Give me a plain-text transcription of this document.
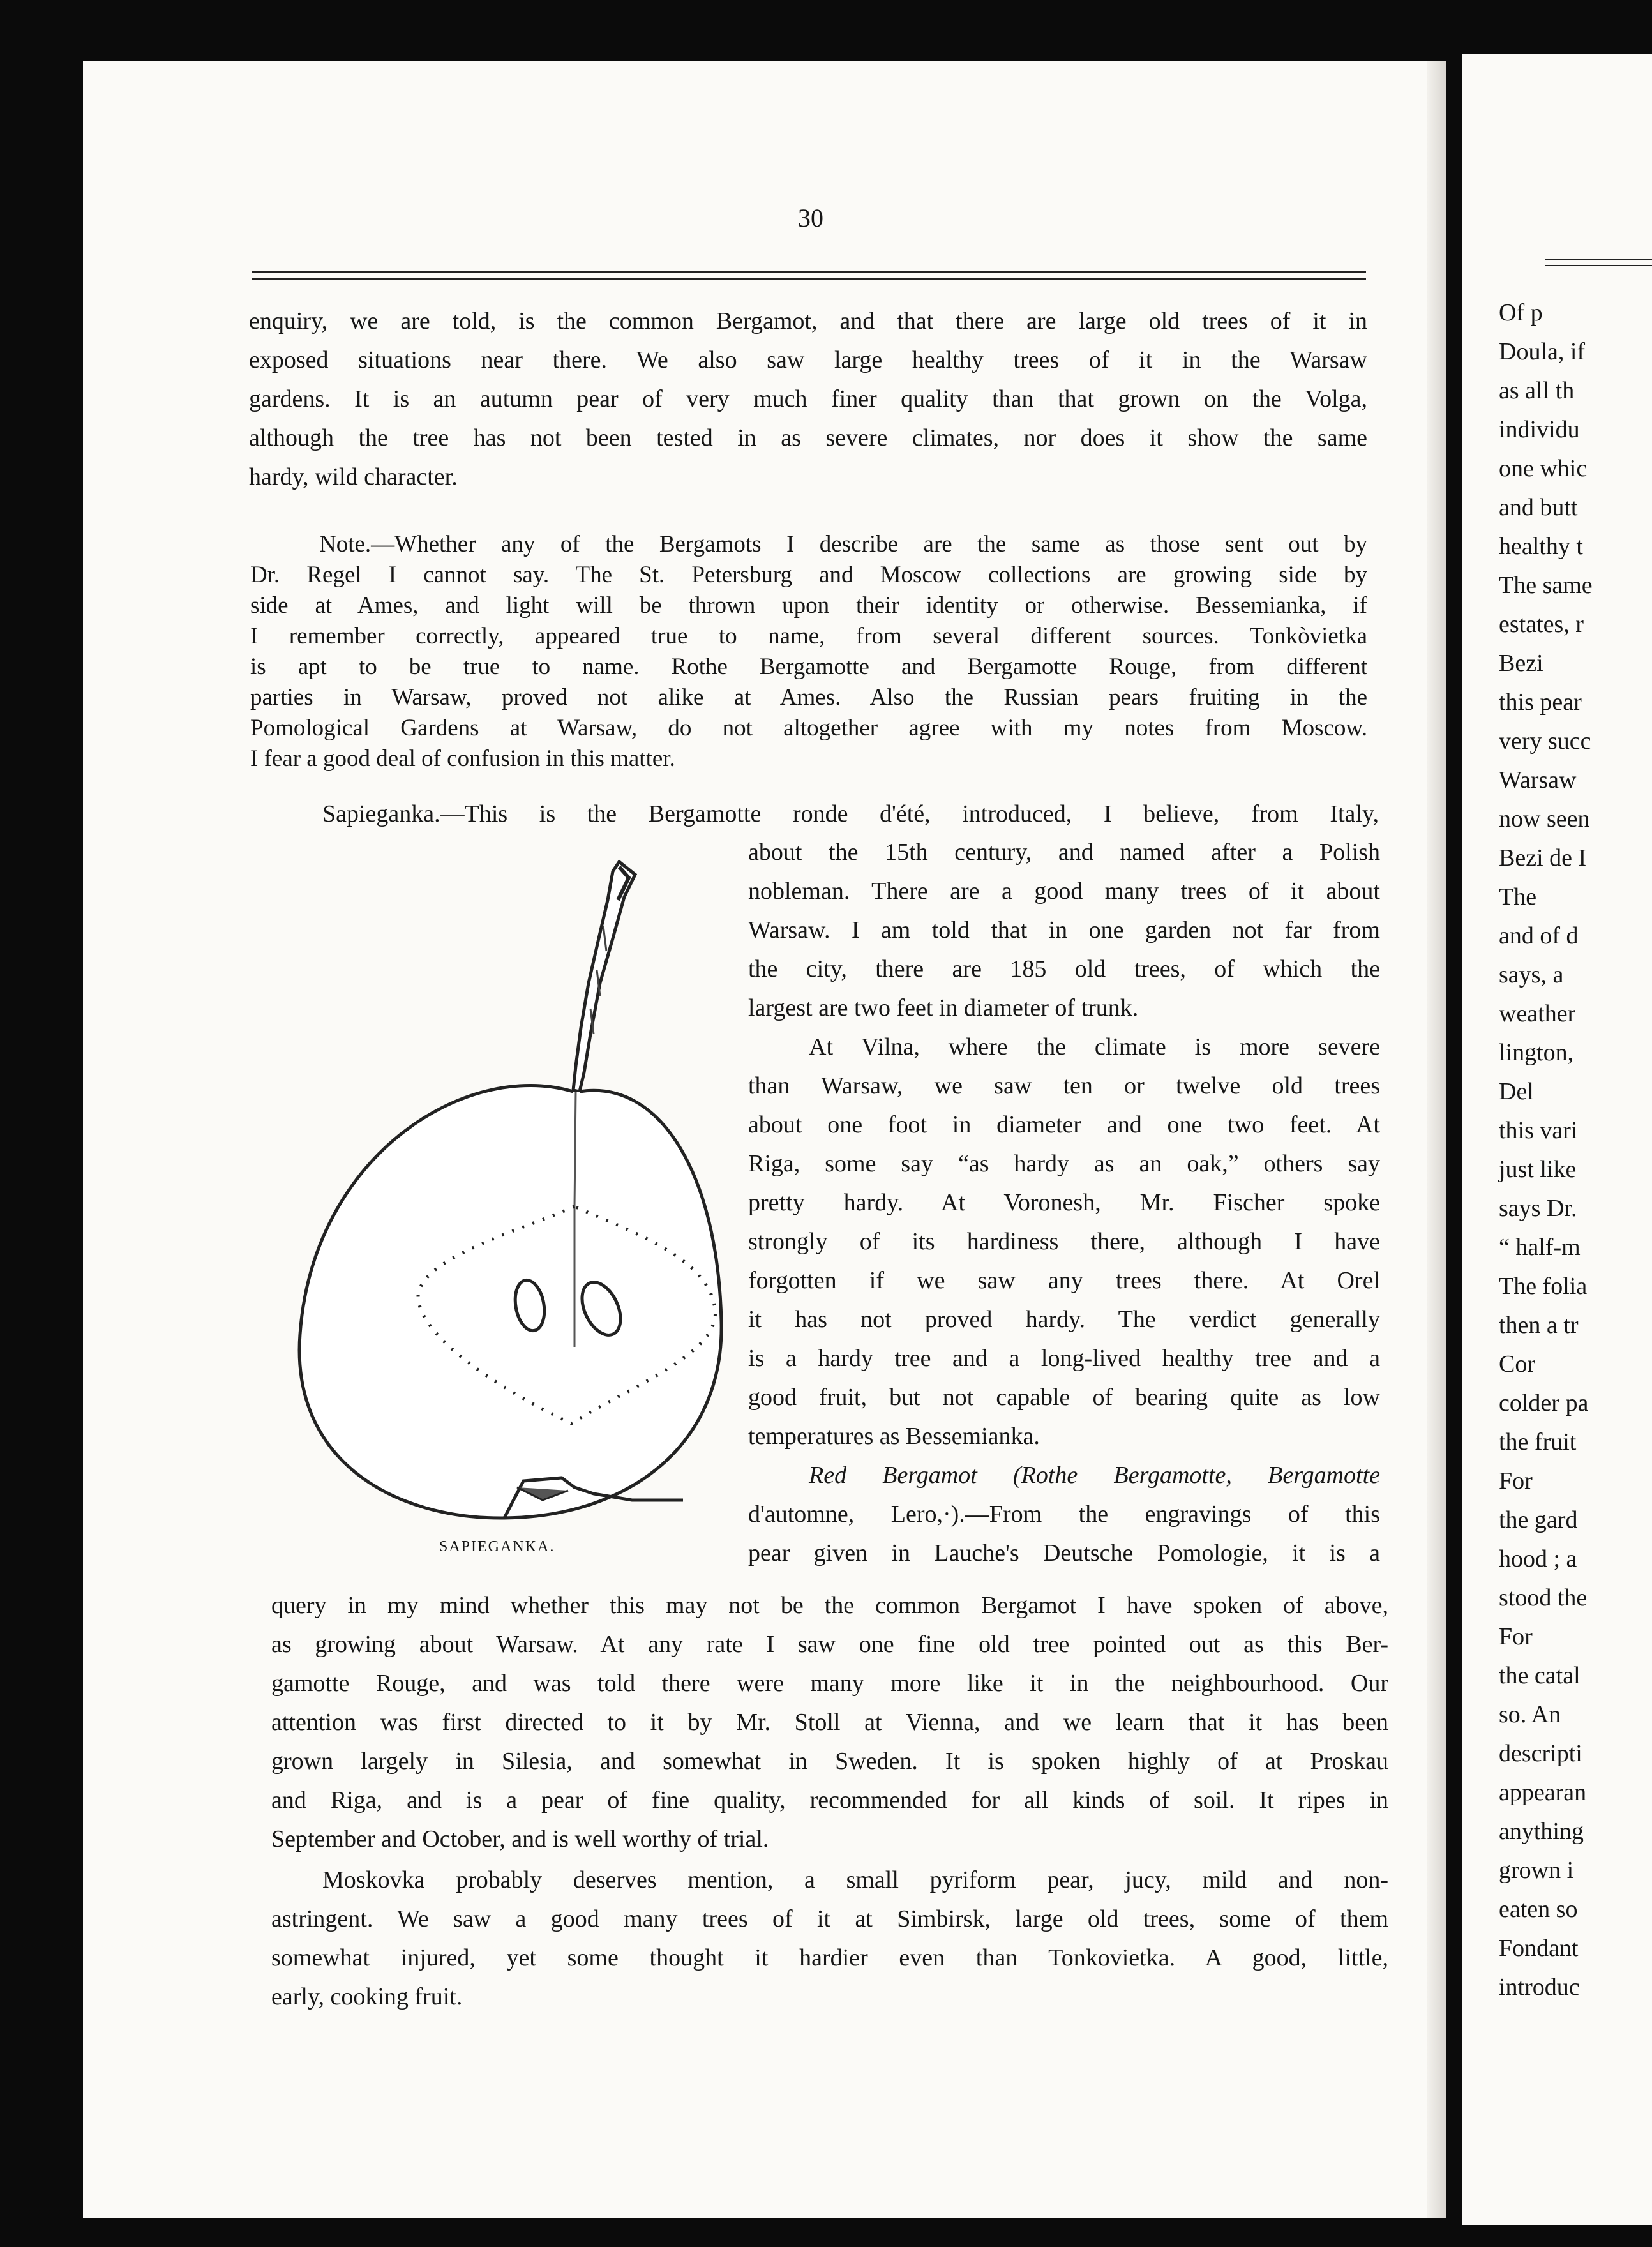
30
enquiry, we are told, is the common Bergamot, and that there are large old trees of it in
exposed situations near there. We also saw large healthy trees of it in the Warsaw
gardens. It is an autumn pear of very much finer quality than that grown on the Volga,
although the tree has not been tested in as severe climates, nor does it show the same
hardy, wild character.
Note.—Whether any of the Bergamots I describe are the same as those sent out by
Dr. Regel I cannot say. The St. Petersburg and Moscow collections are growing side by
side at Ames, and light will be thrown upon their identity or otherwise. Bessemianka, if
I remember correctly, appeared true to name, from several different sources. Tonkòvietka
is apt to be true to name. Rothe Bergamotte and Bergamotte Rouge, from different
parties in Warsaw, proved not alike at Ames. Also the Russian pears fruiting in the
Pomological Gardens at Warsaw, do not altogether agree with my notes from Moscow.
I fear a good deal of confusion in this matter.
Sapieganka.—This is the Bergamotte ronde d'été, introduced, I believe, from Italy,
about the 15th century, and named after a Polish
nobleman. There are a good many trees of it about
Warsaw. I am told that in one garden not far from
the city, there are 185 old trees, of which the
largest are two feet in diameter of trunk.
At Vilna, where the climate is more severe
than Warsaw, we saw ten or twelve old trees
about one foot in diameter and one two feet. At
Riga, some say “as hardy as an oak,” others say
pretty hardy. At Voronesh, Mr. Fischer spoke
strongly of its hardiness there, although I have
forgotten if we saw any trees there. At Orel
it has not proved hardy. The verdict generally
is a hardy tree and a long-lived healthy tree and a
good fruit, but not capable of bearing quite as low
temperatures as Bessemianka.
Red Bergamot (Rothe Bergamotte, Bergamotte
d'automne, Lero,·).—From the engravings of this
pear given in Lauche's Deutsche Pomologie, it is a
SAPIEGANKA.
query in my mind whether this may not be the common Bergamot I have spoken of above,
as growing about Warsaw. At any rate I saw one fine old tree pointed out as this Ber-
gamotte Rouge, and was told there were many more like it in the neighbourhood. Our
attention was first directed to it by Mr. Stoll at Vienna, and we learn that it has been
grown largely in Silesia, and somewhat in Sweden. It is spoken highly of at Proskau
and Riga, and is a pear of fine quality, recommended for all kinds of soil. It ripes in
September and October, and is well worthy of trial.
Moskovka probably deserves mention, a small pyriform pear, jucy, mild and non-
astringent. We saw a good many trees of it at Simbirsk, large old trees, some of them
somewhat injured, yet some thought it hardier even than Tonkovietka. A good, little,
early, cooking fruit.
Of p
Doula, if
as all th
individu
one whic
and butt
healthy t
The same
estates, r
Bezi
this pear
very succ
Warsaw
now seen
Bezi de I
The
and of d
says, a
weather
lington,
Del
this vari
just like
says Dr.
“ half-m
The folia
then a tr
Cor
colder pa
the fruit
For
the gard
hood ; a
stood the
For
the catal
so. An
descripti
appearan
anything
grown i
eaten so
Fondant
introduc
